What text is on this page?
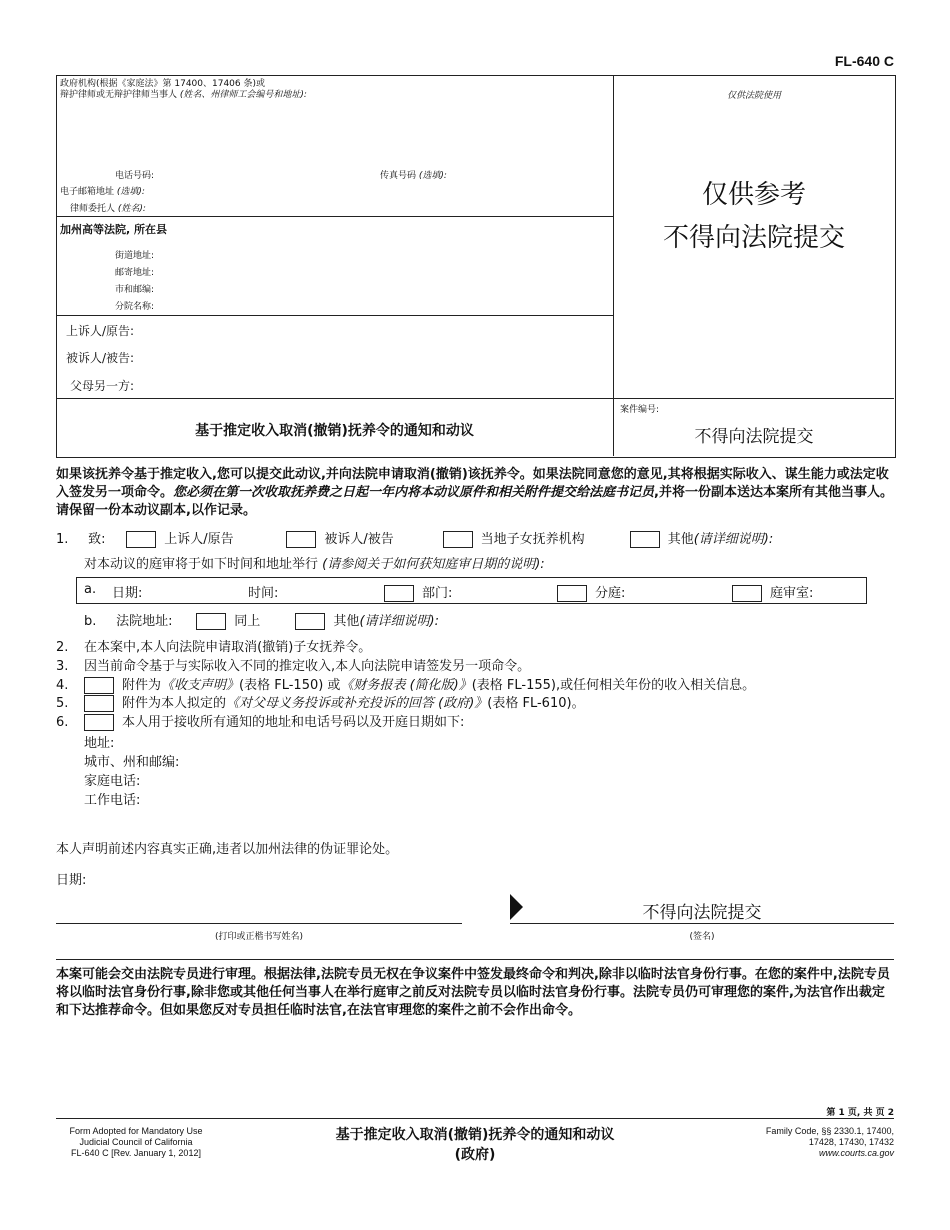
FL-640 C
政府机构(根据《家庭法》第 17400、17406 条)或
辩护律师或无辩护律师当事人 (姓名、州律师工会编号和地址):
电话号码:	传真号码 (选填):
电子邮箱地址 (选填):
律师委托人 (姓名):
加州高等法院, 所在县
街道地址:
邮寄地址:
市和邮编:
分院名称:
上诉人/原告:
被诉人/被告:
父母另一方:
仅供法院使用
仅供参考
不得向法院提交
案件编号:
不得向法院提交
基于推定收入取消(撤销)抚养令的通知和动议
如果该抚养令基于推定收入,您可以提交此动议,并向法院申请取消(撤销)该抚养令。如果法院同意您的意见,其将根据实际收入、谋生能力或法定收入签发另一项命令。您必须在第一次收取抚养费之日起一年内将本动议原件和相关附件提交给法庭书记员,并将一份副本送达本案所有其他当事人。请保留一份本动议副本,以作记录。
1. 致:	上诉人/原告	被诉人/被告	当地子女抚养机构	其他(请详细说明):
对本动议的庭审将于如下时间和地址举行 (请参阅关于如何获知庭审日期的说明):
a. 日期:	时间:	部门:	分庭:	庭审室:
b. 法院地址:	同上	其他(请详细说明):
2. 在本案中,本人向法院申请取消(撤销)子女抚养令。
3. 因当前命令基于与实际收入不同的推定收入,本人向法院申请签发另一项命令。
4.	附件为《收支声明》(表格 FL-150) 或《财务报表 (简化版)》(表格 FL-155),或任何相关年份的收入相关信息。
5.	附件为本人拟定的《对父母义务投诉或补充投诉的回答 (政府)》(表格 FL-610)。
6.	本人用于接收所有通知的地址和电话号码以及开庭日期如下:
地址:
城市、州和邮编:
家庭电话:
工作电话:
本人声明前述内容真实正确,违者以加州法律的伪证罪论处。
日期:
(打印或正楷书写姓名)
不得向法院提交
(签名)
本案可能会交由法院专员进行审理。根据法律,法院专员无权在争议案件中签发最终命令和判决,除非以临时法官身份行事。在您的案件中,法院专员将以临时法官身份行事,除非您或其他任何当事人在举行庭审之前反对法院专员以临时法官身份行事。法院专员仍可审理您的案件,为法官作出裁定和下达推荐命令。但如果您反对专员担任临时法官,在法官审理您的案件之前不会作出命令。
第 1 页, 共 页 2
Form Adopted for Mandatory Use
Judicial Council of California
FL-640 C [Rev. January 1, 2012]
基于推定收入取消(撤销)抚养令的通知和动议
(政府)
Family Code, §§ 2330.1, 17400,
17428, 17430, 17432
www.courts.ca.gov
